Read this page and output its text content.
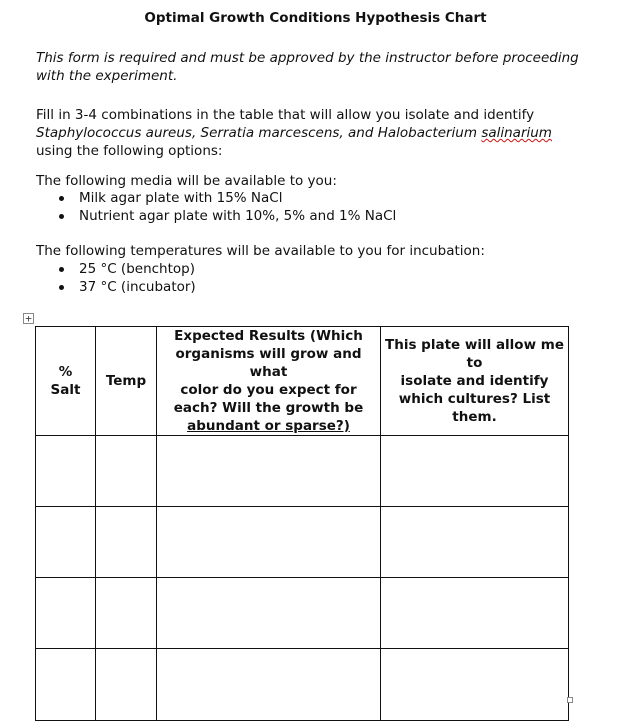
Optimal Growth Conditions Hypothesis Chart
This form is required and must be approved by the instructor before proceeding
with the experiment.
Fill in 3-4 combinations in the table that will allow you isolate and identify
Staphylococcus aureus, Serratia marcescens, and Halobacterium salinarium
using the following options:
The following media will be available to you:
Milk agar plate with 15% NaCl
Nutrient agar plate with 10%, 5% and 1% NaCl
The following temperatures will be available to you for incubation:
25 °C (benchtop)
37 °C (incubator)
+
% Salt	Temp	Expected Results (Which
organisms will grow and what
color do you expect for
each? Will the growth be
abundant or sparse?)	This plate will allow me to
isolate and identify
which cultures? List
them.
